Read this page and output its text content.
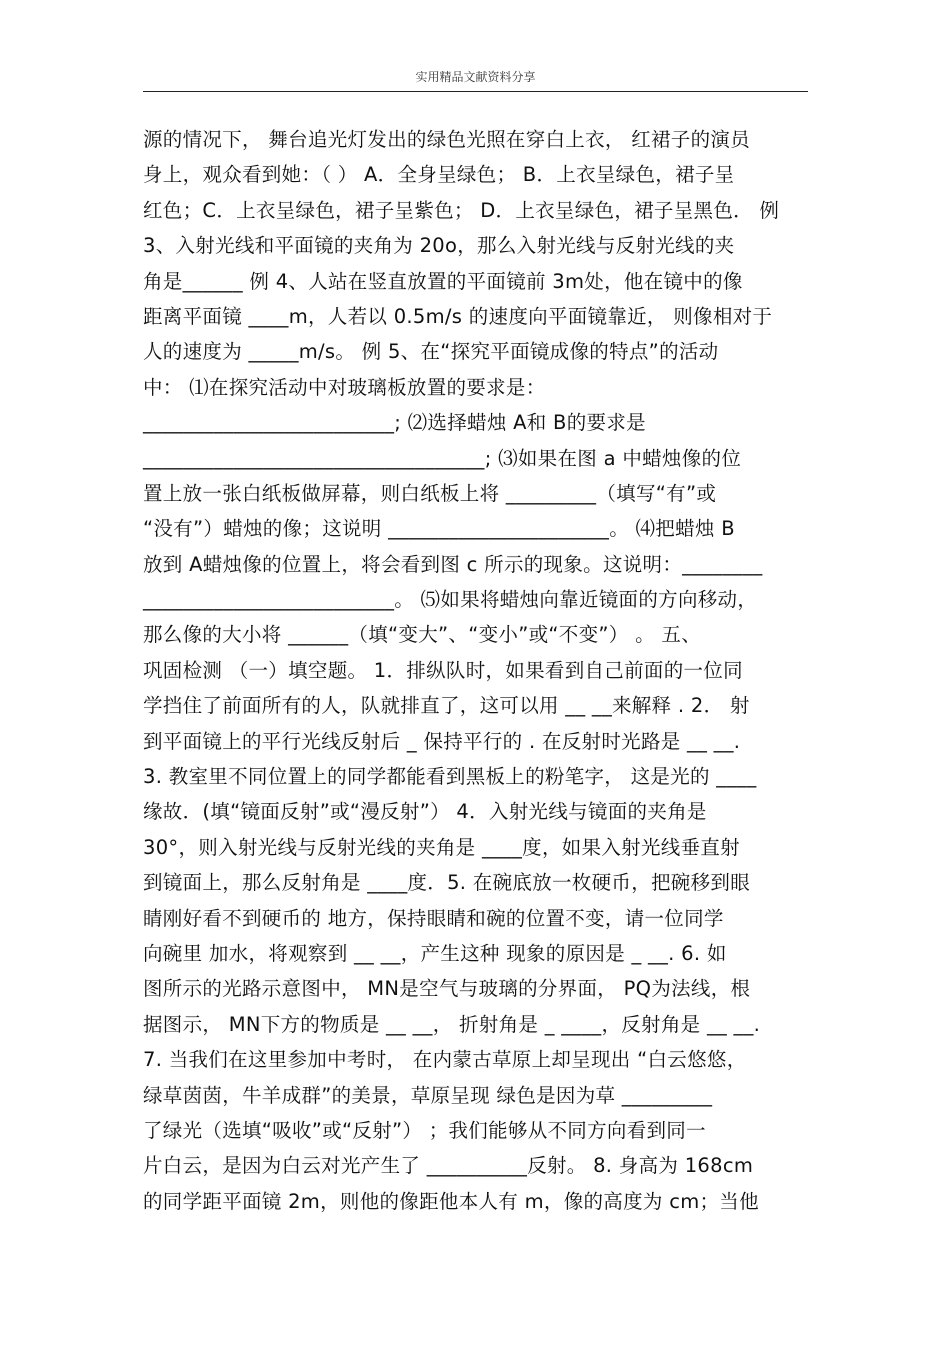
实用精品文献资料分享
源的情况下， 舞台追光灯发出的绿色光照在穿白上衣， 红裙子的演员
身上，观众看到她：（ ） A．全身呈绿色； B．上衣呈绿色，裙子呈
红色；C．上衣呈绿色，裙子呈紫色； D．上衣呈绿色，裙子呈黑色． 例
3、入射光线和平面镜的夹角为 20o，那么入射光线与反射光线的夹
角是______ 例 4、人站在竖直放置的平面镜前 3m处，他在镜中的像
距离平面镜 ____m，人若以 0.5m/s 的速度向平面镜靠近， 则像相对于
人的速度为 _____m/s。 例 5、在“探究平面镜成像的特点”的活动
中： ⑴在探究活动中对玻璃板放置的要求是：
_________________________; ⑵选择蜡烛 A和 B的要求是
__________________________________; ⑶如果在图 a 中蜡烛像的位
置上放一张白纸板做屏幕，则白纸板上将 _________（填写“有”或
“没有”）蜡烛的像；这说明 ______________________。 ⑷把蜡烛 B
放到 A蜡烛像的位置上，将会看到图 c 所示的现象。这说明：________
_________________________。 ⑸如果将蜡烛向靠近镜面的方向移动，
那么像的大小将 ______（填“变大”、“变小”或“不变”） 。 五、
巩固检测 （一）填空题。 1．排纵队时，如果看到自己前面的一位同
学挡住了前面所有的人，队就排直了，这可以用 __ __来解释 . 2． 射
到平面镜上的平行光线反射后 _ 保持平行的 . 在反射时光路是 __ __.
3. 教室里不同位置上的同学都能看到黑板上的粉笔字， 这是光的 ____
缘故．(填“镜面反射”或“漫反射”） 4．入射光线与镜面的夹角是
30°，则入射光线与反射光线的夹角是 ____度，如果入射光线垂直射
到镜面上，那么反射角是 ____度．5. 在碗底放一枚硬币，把碗移到眼
睛刚好看不到硬币的 地方，保持眼睛和碗的位置不变，请一位同学
向碗里 加水，将观察到 __ __，产生这种 现象的原因是 _ __. 6. 如
图所示的光路示意图中， MN是空气与玻璃的分界面， PQ为法线，根
据图示， MN下方的物质是 __ __， 折射角是 _ ____，反射角是 __ __.
7. 当我们在这里参加中考时， 在内蒙古草原上却呈现出 “白云悠悠，
绿草茵茵，牛羊成群”的美景，草原呈现 绿色是因为草 _________
了绿光（选填“吸收”或“反射”） ；我们能够从不同方向看到同一
片白云，是因为白云对光产生了 __________反射。 8. 身高为 168cm
的同学距平面镜 2m，则他的像距他本人有 m，像的高度为 cm；当他
